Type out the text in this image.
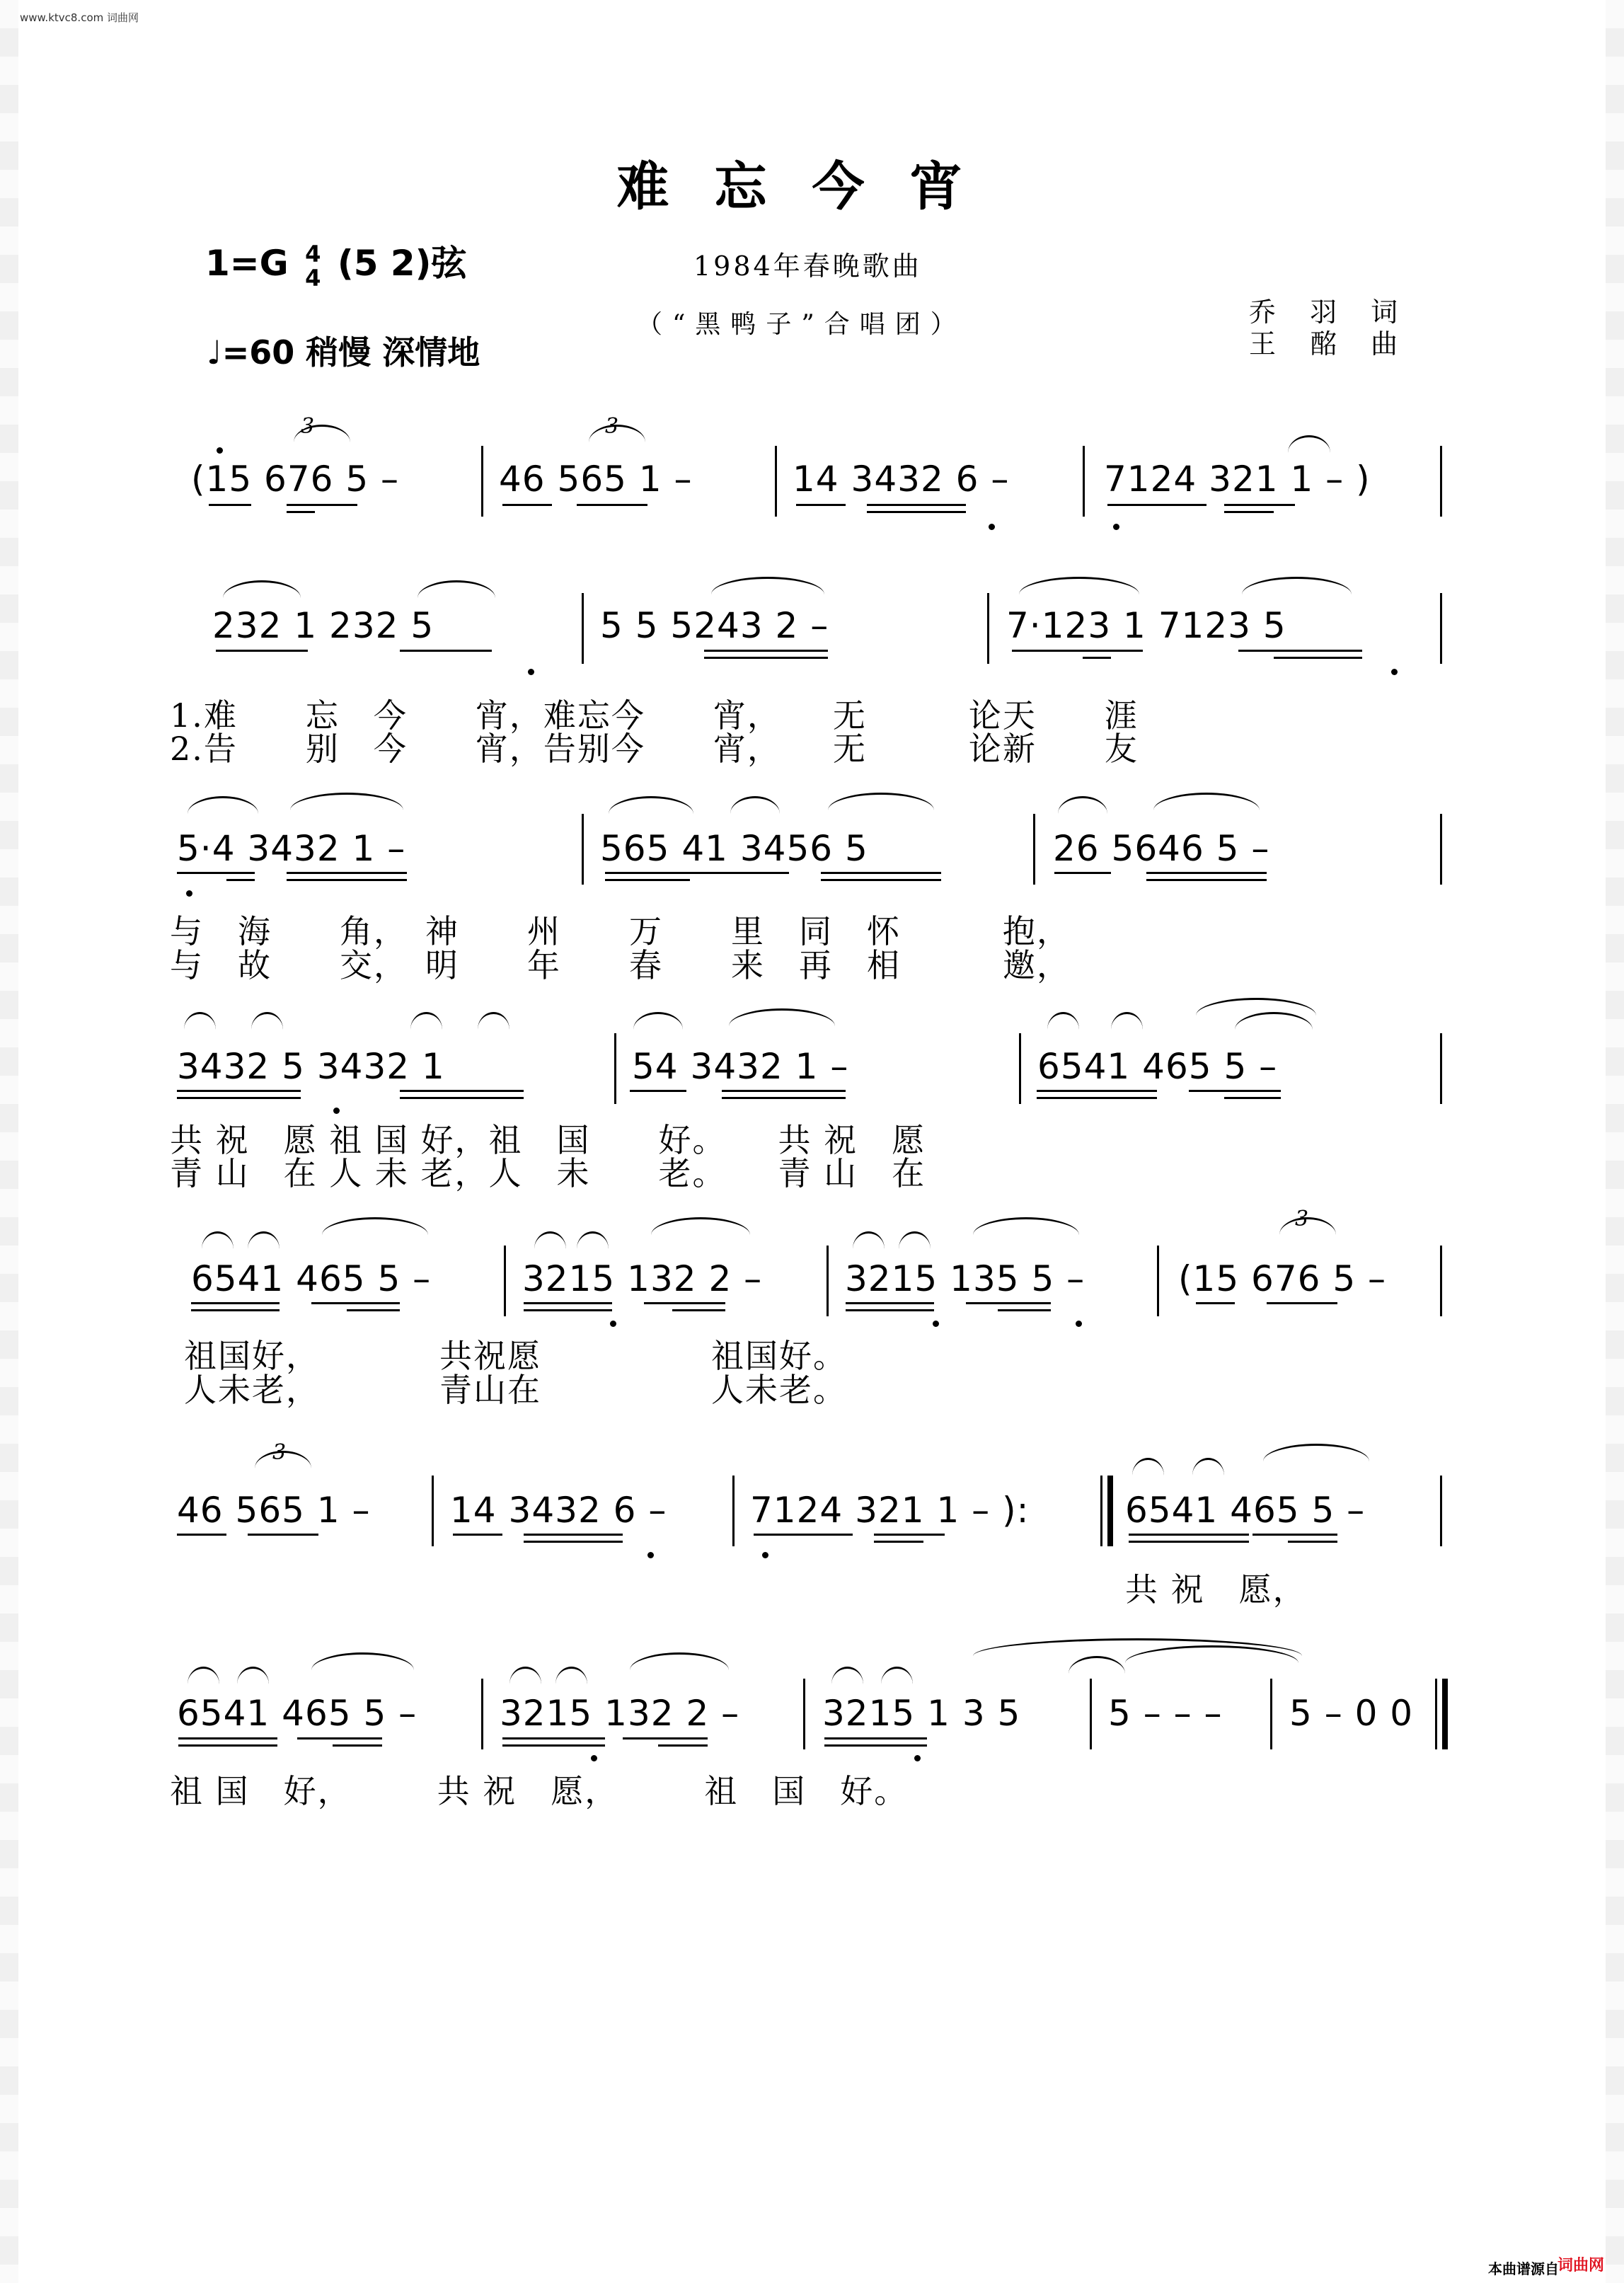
www.ktvc8.com 词曲网
难忘今宵
1=G 4
4 (5 2)弦
♩=60 稍慢 深情地
1984年春晚歌曲
（“黑鸭子”合唱团）	乔 羽 词
王 酩 曲
3	3
(15 676 5 –	46 565 1 –	14 3432 6 –	7124 321 1 – )
232 1 232 5	5 5 5243 2 –	7·123 1 7123 5
1.难　　忘　今　　宵，难忘今　　宵，　　无　　　论天　　涯
2.告　　别　今　　宵，告别今　　宵，　　无　　　论新　　友
5·4 3432 1 –	565 41 3456 5	26 5646 5 –
与　海　　角，　神　　州　　万　　里　同　怀　　　抱，
与　故　　交，　明　　年　　春　　来　再　相　　　邀，
3432 5 3432 1	54 3432 1 –	6541 465 5 –
共 祝　愿 祖 国 好，祖　国　　好。　　共 祝　愿
青 山　在 人 未 老，人　未　　老。　　青 山　在
3
6541 465 5 –	3215 132 2 – 3215 135 5 –	(15 676 5 –
祖国好，　　　　共祝愿　　　　　祖国好。
人未老，　　　　青山在　　　　　人未老。
3
46 565 1 – 14 3432 6 – 7124 321 1 – ):	6541 465 5 –
共 祝　愿，
6541 465 5 – 3215 132 2 – 3215 1 3 5 5 – – – 5 – 0 0
祖 国　好，　　　共 祝　愿，　　　祖　国　好。
本曲谱源自
词曲网
